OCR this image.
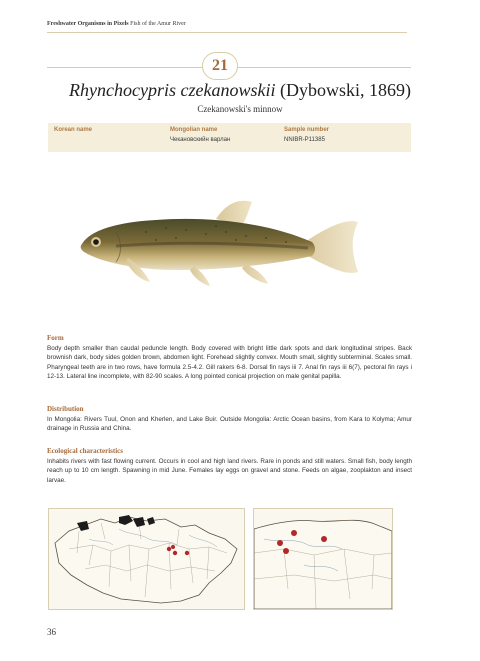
Freshwater Organisms in Pixels Fish of the Amur River
21
Rhynchocypris czekanowskii (Dybowski, 1869)
Czekanowski's minnow
Korean name	Mongolian name
Чекановскийн варлан
Sample number
NNIBR-P11385
Form
Body depth smaller than caudal peduncle length. Body covered with bright little dark spots and dark longitudinal stripes. Back brownish dark, body sides golden brown, abdomen light. Forehead slightly convex. Mouth small, slightly subterminal. Scales small. Pharyngeal teeth are in two rows, have formula 2.5-4.2. Gill rakers 6-8. Dorsal fin rays iii 7. Anal fin rays iii 6(7), pectoral fin rays i 12-13. Lateral line incomplete, with 82-90 scales. A long pointed conical projection on male genital papilla.
Distribution
In Mongolia: Rivers Tuul, Onon and Kherlen, and Lake Buir. Outside Mongolia: Arctic Ocean basins, from Kara to Kolyma; Amur drainage in Russia and China.
Ecological characteristics
Inhabits rivers with fast flowing current. Occurs in cool and high land rivers. Rare in ponds and still waters. Small fish, body length reach up to 10 cm length. Spawning in mid June. Females lay eggs on gravel and stone. Feeds on algae, zooplakton and insect larvae.
36
